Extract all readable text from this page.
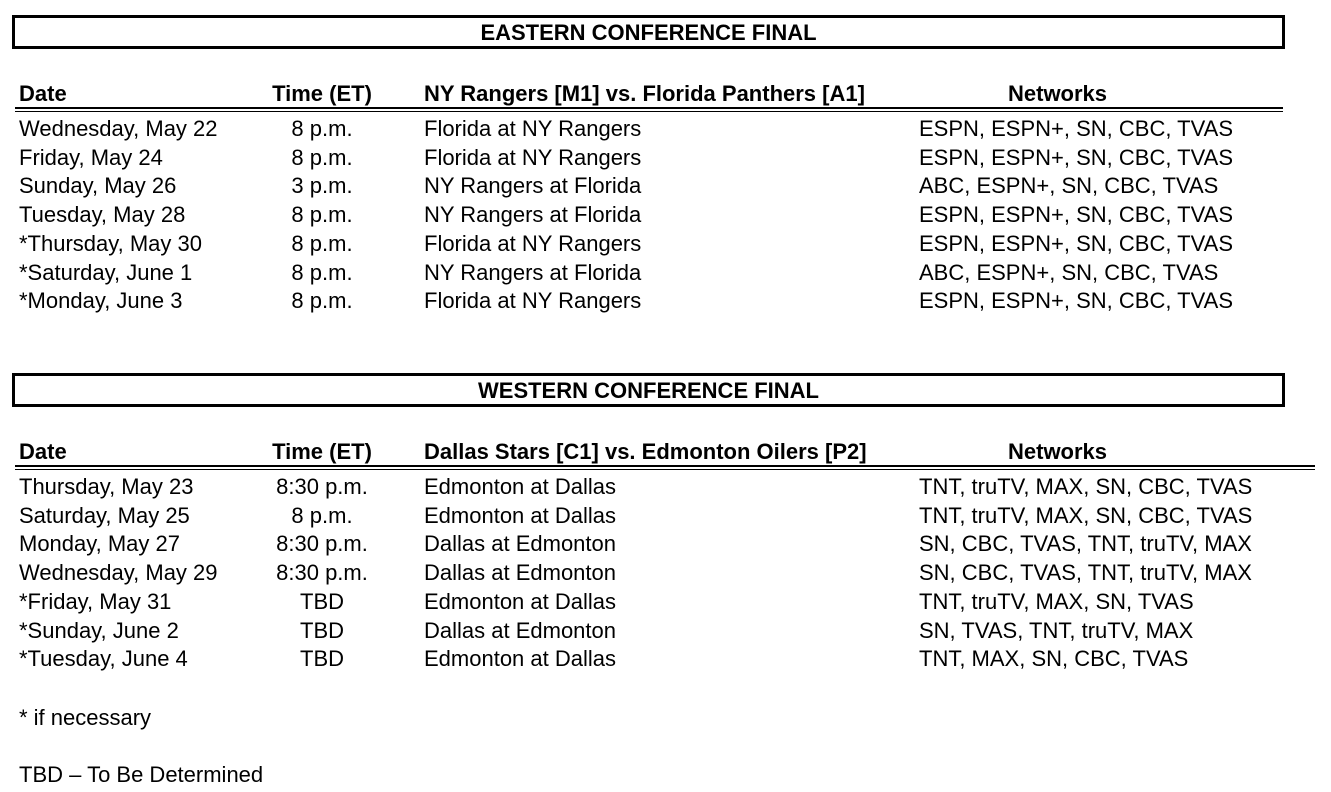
EASTERN CONFERENCE FINAL
Date	Time (ET)	NY Rangers [M1] vs. Florida Panthers [A1]	Networks
Wednesday, May 22	8 p.m.	Florida at NY Rangers	ESPN, ESPN+, SN, CBC, TVAS
Friday, May 24	8 p.m.	Florida at NY Rangers	ESPN, ESPN+, SN, CBC, TVAS
Sunday, May 26	3 p.m.	NY Rangers at Florida	ABC, ESPN+, SN, CBC, TVAS
Tuesday, May 28	8 p.m.	NY Rangers at Florida	ESPN, ESPN+, SN, CBC, TVAS
*Thursday, May 30	8 p.m.	Florida at NY Rangers	ESPN, ESPN+, SN, CBC, TVAS
*Saturday, June 1	8 p.m.	NY Rangers at Florida	ABC, ESPN+, SN, CBC, TVAS
*Monday, June 3	8 p.m.	Florida at NY Rangers	ESPN, ESPN+, SN, CBC, TVAS
WESTERN CONFERENCE FINAL
Date	Time (ET)	Dallas Stars [C1] vs. Edmonton Oilers [P2]	Networks
Thursday, May 23	8:30 p.m.	Edmonton at Dallas	TNT, truTV, MAX, SN, CBC, TVAS
Saturday, May 25	8 p.m.	Edmonton at Dallas	TNT, truTV, MAX, SN, CBC, TVAS
Monday, May 27	8:30 p.m.	Dallas at Edmonton	SN, CBC, TVAS, TNT, truTV, MAX
Wednesday, May 29	8:30 p.m.	Dallas at Edmonton	SN, CBC, TVAS, TNT, truTV, MAX
*Friday, May 31	TBD	Edmonton at Dallas	TNT, truTV, MAX, SN, TVAS
*Sunday, June 2	TBD	Dallas at Edmonton	SN, TVAS, TNT, truTV, MAX
*Tuesday, June 4	TBD	Edmonton at Dallas	TNT, MAX, SN, CBC, TVAS
* if necessary
TBD – To Be Determined
